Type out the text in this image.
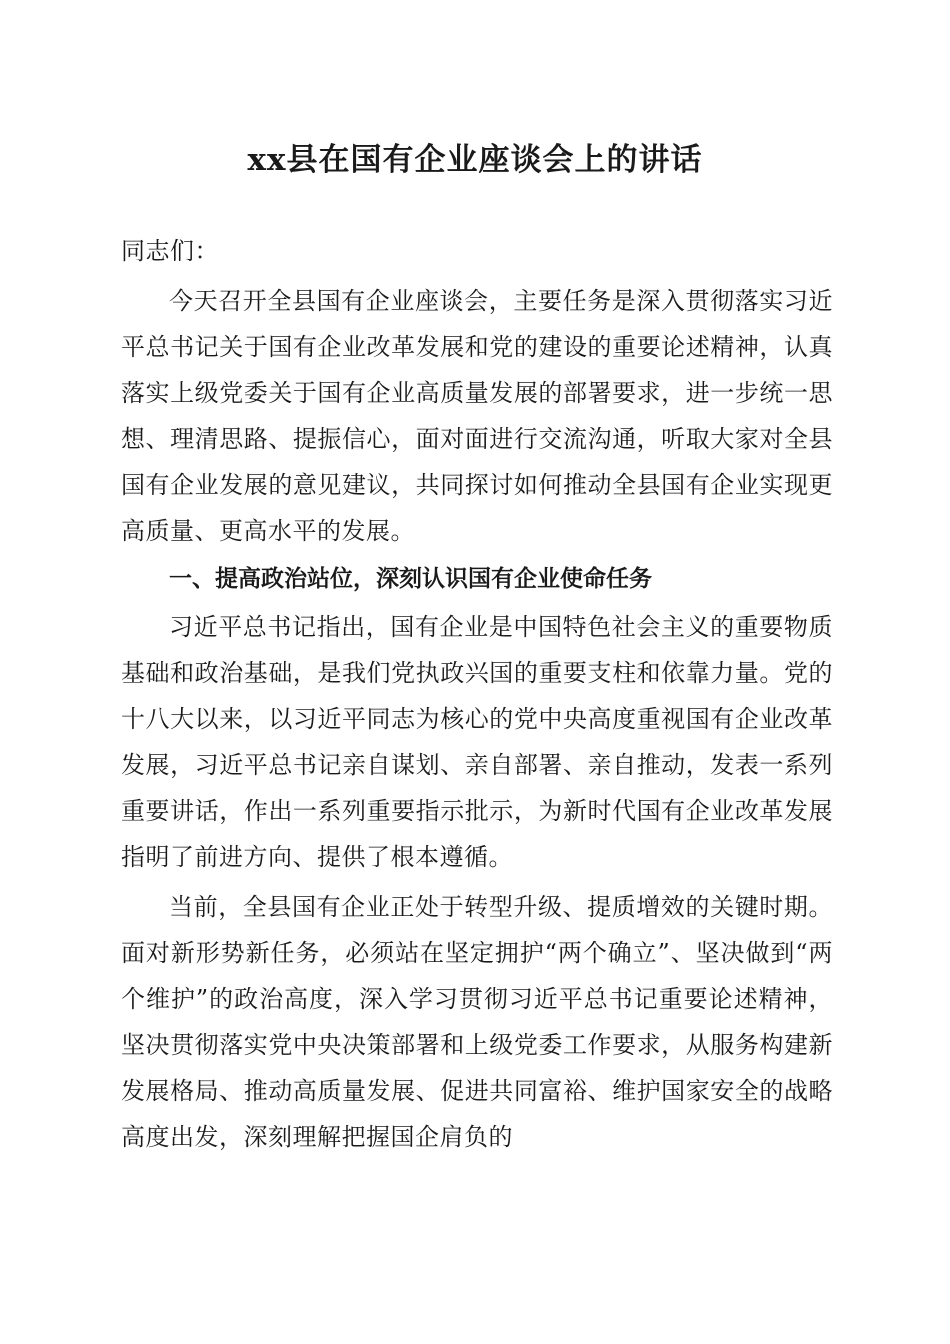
xx县在国有企业座谈会上的讲话

同志们：

今天召开全县国有企业座谈会，主要任务是深入贯彻落实习近平总书记关于国有企业改革发展和党的建设的重要论述精神，认真落实上级党委关于国有企业高质量发展的部署要求，进一步统一思想、理清思路、提振信心，面对面进行交流沟通，听取大家对全县国有企业发展的意见建议，共同探讨如何推动全县国有企业实现更高质量、更高水平的发展。

一、提高政治站位，深刻认识国有企业使命任务

习近平总书记指出，国有企业是中国特色社会主义的重要物质基础和政治基础，是我们党执政兴国的重要支柱和依靠力量。党的十八大以来，以习近平同志为核心的党中央高度重视国有企业改革发展，习近平总书记亲自谋划、亲自部署、亲自推动，发表一系列重要讲话，作出一系列重要指示批示，为新时代国有企业改革发展指明了前进方向、提供了根本遵循。

当前，全县国有企业正处于转型升级、提质增效的关键时期。面对新形势新任务，必须站在坚定拥护“两个确立”、坚决做到“两个维护”的政治高度，深入学习贯彻习近平总书记重要论述精神，坚决贯彻落实党中央决策部署和上级党委工作要求，从服务构建新发展格局、推动高质量发展、促进共同富裕、维护国家安全的战略高度出发，深刻理解把握国企肩负的
